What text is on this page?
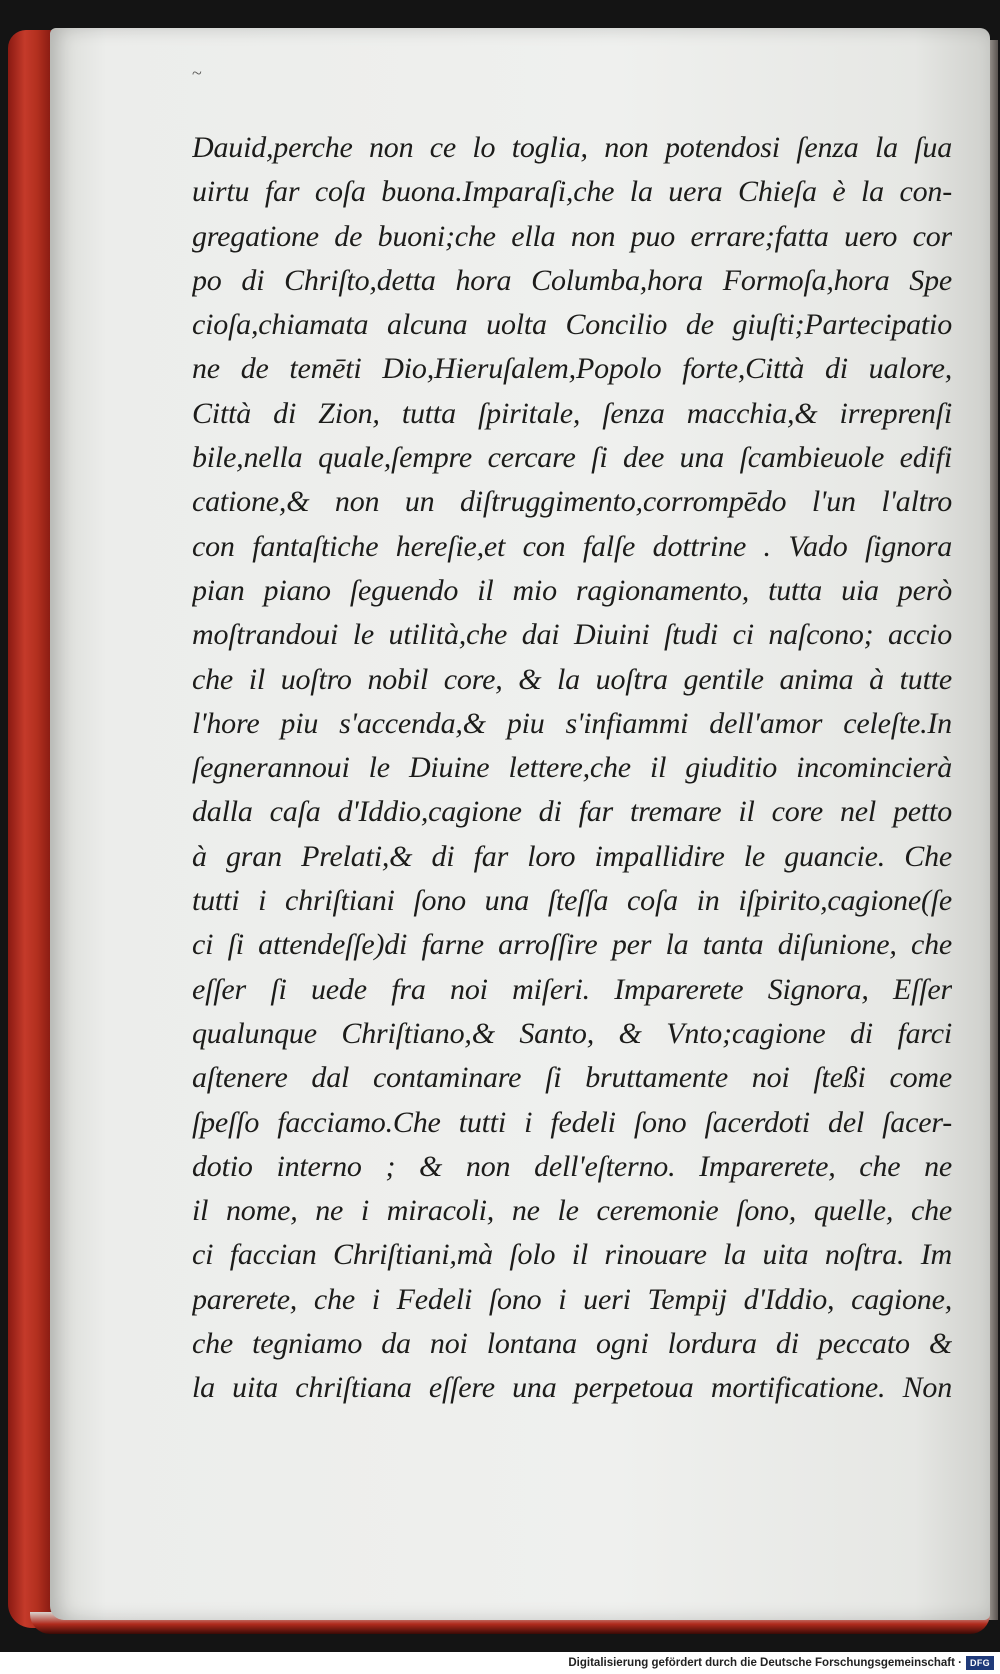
~
Dauid,perche non ce lo toglia, non potendosi ſenza la ſua
uirtu far coſa buona.Imparaſi,che la uera Chieſa è la con-
gregatione de buoni;che ella non puo errare;fatta uero cor
po di Chriſto,detta hora Columba,hora Formoſa,hora Spe
cioſa,chiamata alcuna uolta Concilio de giuſti;Partecipatio
ne de temēti Dio,Hieruſalem,Popolo forte,Città di ualore,
Città di Zion, tutta ſpiritale, ſenza macchia,& irreprenſi
bile,nella quale,ſempre cercare ſi dee una ſcambieuole edifi
catione,& non un diſtruggimento,corrompēdo l'un l'altro
con fantaſtiche hereſie,et con falſe dottrine . Vado ſignora
pian piano ſeguendo il mio ragionamento, tutta uia però
moſtrandoui le utilità,che dai Diuini ſtudi ci naſcono; accio
che il uoſtro nobil core, & la uoſtra gentile anima à tutte
l'hore piu s'accenda,& piu s'infiammi dell'amor celeſte.In
ſegnerannoui le Diuine lettere,che il giuditio incomincierà
dalla caſa d'Iddio,cagione di far tremare il core nel petto
à gran Prelati,& di far loro impallidire le guancie. Che
tutti i chriſtiani ſono una ſteſſa coſa in iſpirito,cagione(ſe
ci ſi attendeſſe)di farne arroſſire per la tanta diſunione, che
eſſer ſi uede fra noi miſeri. Imparerete Signora, Eſſer
qualunque Chriſtiano,& Santo, & Vnto;cagione di farci
aſtenere dal contaminare ſi bruttamente noi ſteßi come
ſpeſſo facciamo.Che tutti i fedeli ſono ſacerdoti del ſacer-
dotio interno ; & non dell'eſterno. Imparerete, che ne
il nome, ne i miracoli, ne le ceremonie ſono, quelle, che
ci faccian Chriſtiani,mà ſolo il rinouare la uita noſtra. Im
parerete, che i Fedeli ſono i ueri Tempij d'Iddio, cagione,
che tegniamo da noi lontana ogni lordura di peccato &
la uita chriſtiana eſſere una perpetoua mortificatione. Non
Digitalisierung gefördert durch die Deutsche Forschungsgemeinschaft · DFG
